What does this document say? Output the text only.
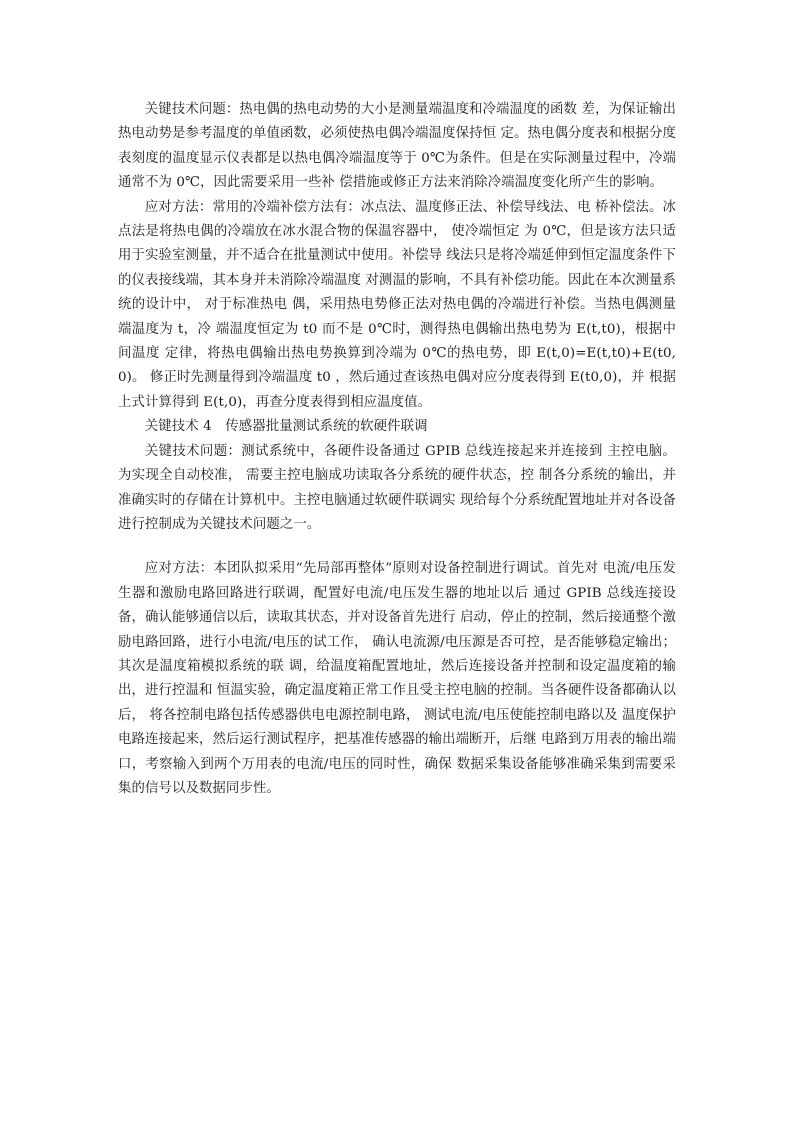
关键技术问题：热电偶的热电动势的大小是测量端温度和冷端温度的函数 差，为保证输出热电动势是参考温度的单值函数，必须使热电偶冷端温度保持恒 定。热电偶分度表和根据分度表刻度的温度显示仪表都是以热电偶冷端温度等于 0℃为条件。但是在实际测量过程中，冷端通常不为 0℃，因此需要采用一些补 偿措施或修正方法来消除冷端温度变化所产生的影响。

应对方法：常用的冷端补偿方法有：冰点法、温度修正法、补偿导线法、电 桥补偿法。冰点法是将热电偶的冷端放在冰水混合物的保温容器中， 使冷端恒定 为 0℃，但是该方法只适用于实验室测量，并不适合在批量测试中使用。补偿导 线法只是将冷端延伸到恒定温度条件下的仪表接线端，其本身并未消除冷端温度 对测温的影响，不具有补偿功能。因此在本次测量系统的设计中， 对于标准热电 偶，采用热电势修正法对热电偶的冷端进行补偿。当热电偶测量端温度为 t，冷 端温度恒定为 t0 而不是 0℃时，测得热电偶输出热电势为 E(t,t0)，根据中间温度 定律，将热电偶输出热电势换算到冷端为 0℃的热电势，即 E(t,0)=E(t,t0)+E(t0,0)。 修正时先测量得到冷端温度 t0 ，然后通过查该热电偶对应分度表得到 E(t0,0)，并 根据上式计算得到 E(t,0)，再查分度表得到相应温度值。

关键技术 4　传感器批量测试系统的软硬件联调

关键技术问题：测试系统中，各硬件设备通过 GPIB 总线连接起来并连接到 主控电脑。为实现全自动校准， 需要主控电脑成功读取各分系统的硬件状态，控 制各分系统的输出，并准确实时的存储在计算机中。主控电脑通过软硬件联调实 现给每个分系统配置地址并对各设备进行控制成为关键技术问题之一。

应对方法：本团队拟采用“先局部再整体”原则对设备控制进行调试。首先对 电流/电压发生器和激励电路回路进行联调，配置好电流/电压发生器的地址以后 通过 GPIB 总线连接设备，确认能够通信以后，读取其状态，并对设备首先进行 启动，停止的控制，然后接通整个激励电路回路，进行小电流/电压的试工作， 确认电流源/电压源是否可控，是否能够稳定输出；其次是温度箱模拟系统的联 调，给温度箱配置地址，然后连接设备并控制和设定温度箱的输出，进行控温和 恒温实验，确定温度箱正常工作且受主控电脑的控制。当各硬件设备都确认以后， 将各控制电路包括传感器供电电源控制电路， 测试电流/电压使能控制电路以及 温度保护电路连接起来，然后运行测试程序，把基准传感器的输出端断开，后继 电路到万用表的输出端口，考察输入到两个万用表的电流/电压的同时性，确保 数据采集设备能够准确采集到需要采集的信号以及数据同步性。
